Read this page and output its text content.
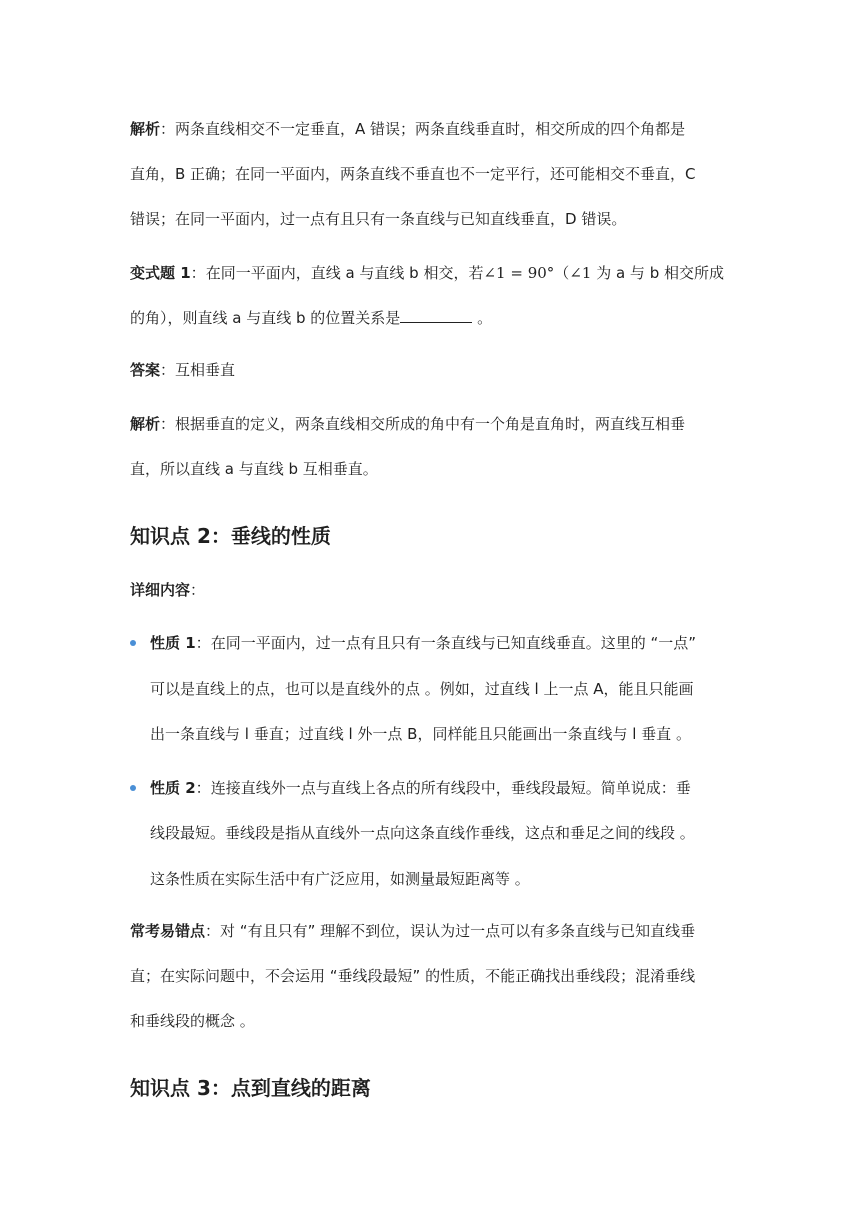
解析：两条直线相交不一定垂直，A 错误；两条直线垂直时，相交所成的四个角都是

直角，B 正确；在同一平面内，两条直线不垂直也不一定平行，还可能相交不垂直，C

错误；在同一平面内，过一点有且只有一条直线与已知直线垂直，D 错误。

变式题 1：在同一平面内，直线 a 与直线 b 相交，若∠1 = 90°（∠1 为 a 与 b 相交所成

的角），则直线 a 与直线 b 的位置关系是	。

答案：互相垂直

解析：根据垂直的定义，两条直线相交所成的角中有一个角是直角时，两直线互相垂

直，所以直线 a 与直线 b 互相垂直。

知识点 2：垂线的性质

详细内容：

性质 1：在同一平面内，过一点有且只有一条直线与已知直线垂直。这里的 “一点”

可以是直线上的点，也可以是直线外的点 。例如，过直线 l 上一点 A，能且只能画

出一条直线与 l 垂直；过直线 l 外一点 B，同样能且只能画出一条直线与 l 垂直 。

性质 2：连接直线外一点与直线上各点的所有线段中，垂线段最短。简单说成：垂

线段最短。垂线段是指从直线外一点向这条直线作垂线，这点和垂足之间的线段 。

这条性质在实际生活中有广泛应用，如测量最短距离等 。

常考易错点：对 “有且只有” 理解不到位，误认为过一点可以有多条直线与已知直线垂

直；在实际问题中，不会运用 “垂线段最短” 的性质，不能正确找出垂线段；混淆垂线

和垂线段的概念 。

知识点 3：点到直线的距离
